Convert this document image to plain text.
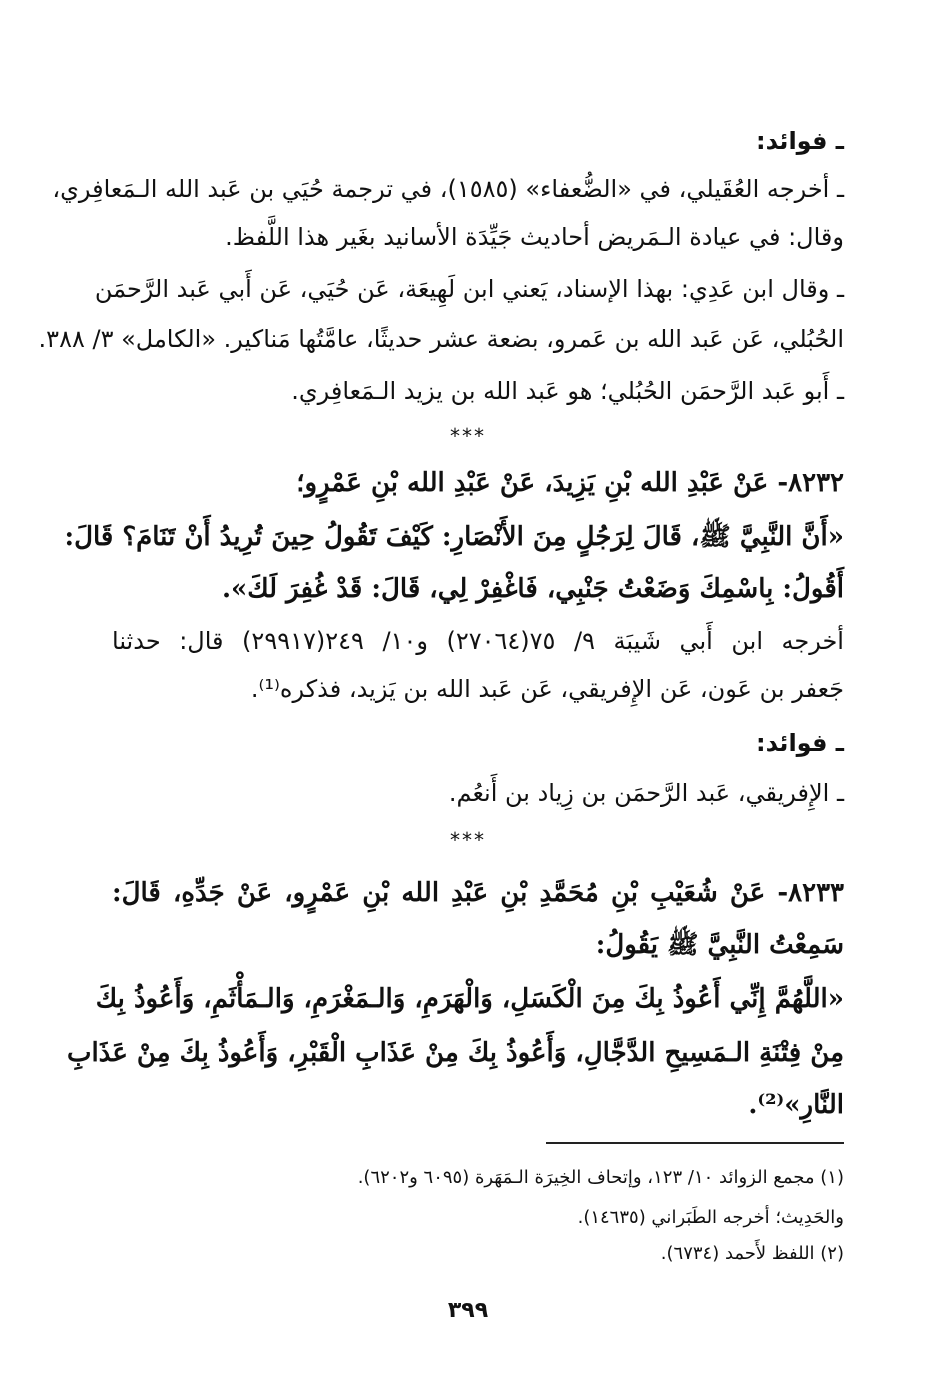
ـ فوائد:
ـ أخرجه العُقَيلي، في «الضُّعفاء» (١٥٨٥)، في ترجمة حُيَي بن عَبد الله الـمَعافِري،
وقال: في عيادة الـمَريض أحاديث جَيِّدَة الأسانيد بغَير هذا اللَّفظ.
ـ وقال ابن عَدِي: بهذا الإسناد، يَعني ابن لَهِيعَة، عَن حُيَي، عَن أَبي عَبد الرَّحمَن
الحُبُلي، عَن عَبد الله بن عَمرو، بضعة عشر حديثًا، عامَّتُها مَناكير. «الكامل» ٣/ ٣٨٨.
ـ أَبو عَبد الرَّحمَن الحُبُلي؛ هو عَبد الله بن يزيد الـمَعافِري.
***
٨٢٣٢- عَنْ عَبْدِ الله بْنِ يَزِيدَ، عَنْ عَبْدِ الله بْنِ عَمْرٍو؛
«أَنَّ النَّبِيَّ ﷺ، قَالَ لِرَجُلٍ مِنَ الأَنْصَارِ: كَيْفَ تَقُولُ حِينَ تُرِيدُ أَنْ تَنَامَ؟ قَالَ:
أَقُولُ: بِاسْمِكَ وَضَعْتُ جَنْبِي، فَاغْفِرْ لِي، قَالَ: قَدْ غُفِرَ لَكَ».
أخرجه ابن أَبي شَيبَة ٩/ ٧٥(٢٧٠٦٤) و١٠/ ٢٤٩(٢٩٩١٧) قال: حدثنا
جَعفر بن عَون، عَن الإِفريقي، عَن عَبد الله بن يَزيد، فذكره⁽¹⁾.
ـ فوائد:
ـ الإِفريقي، عَبد الرَّحمَن بن زِياد بن أَنعُم.
***
٨٢٣٣- عَنْ شُعَيْبِ بْنِ مُحَمَّدِ بْنِ عَبْدِ الله بْنِ عَمْرٍو، عَنْ جَدِّهِ، قَالَ:
سَمِعْتُ النَّبِيَّ ﷺ يَقُولُ:
«اللَّهُمَّ إِنِّي أَعُوذُ بِكَ مِنَ الْكَسَلِ، وَالْهَرَمِ، وَالـمَغْرَمِ، وَالـمَأْثَمِ، وَأَعُوذُ بِكَ
مِنْ فِتْنَةِ الـمَسِيحِ الدَّجَّالِ، وَأَعُوذُ بِكَ مِنْ عَذَابِ الْقَبْرِ، وَأَعُوذُ بِكَ مِنْ عَذَابِ
النَّارِ»⁽²⁾.
(١) مجمع الزوائد ١٠/ ١٢٣، وإتحاف الخِيرَة الـمَهَرة (٦٠٩٥ و٦٢٠٢).
والحَدِيث؛ أخرجه الطَبَراني (١٤٦٣٥).
(٢) اللفظ لأَحمد (٦٧٣٤).
٣٩٩
